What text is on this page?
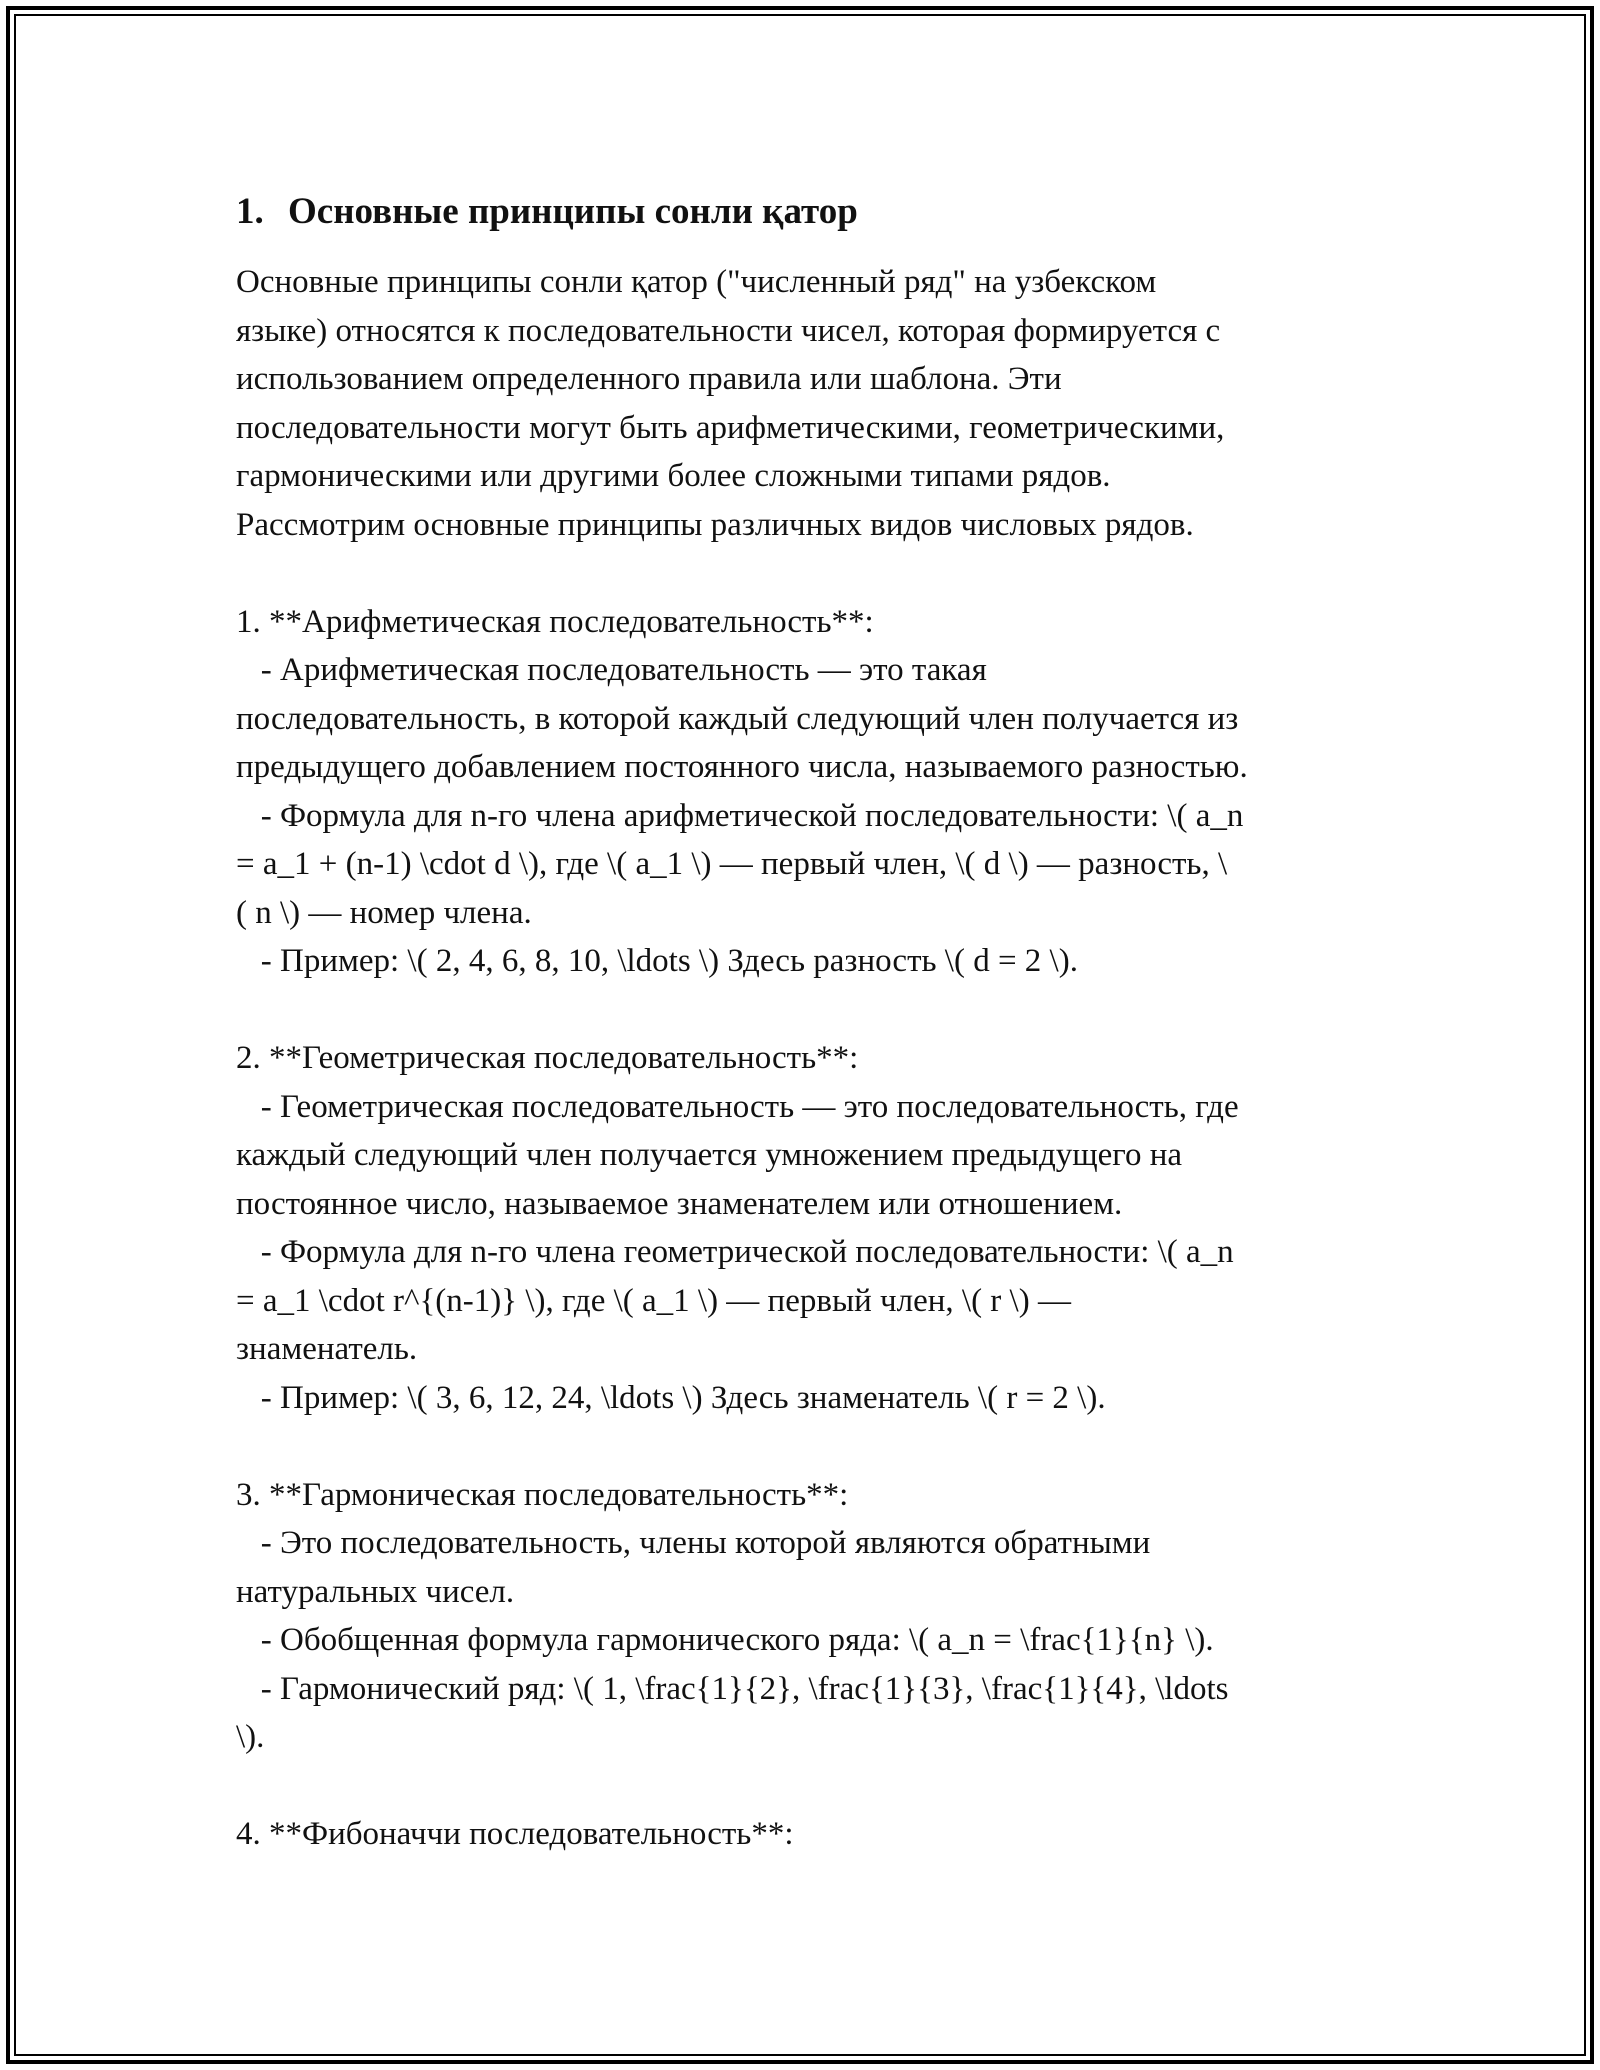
1. Основные принципы сонли қатор
Основные принципы сонли қатор ("численный ряд" на узбекском
языке) относятся к последовательности чисел, которая формируется с
использованием определенного правила или шаблона. Эти
последовательности могут быть арифметическими, геометрическими,
гармоническими или другими более сложными типами рядов.
Рассмотрим основные принципы различных видов числовых рядов.
1. **Арифметическая последовательность**:
- Арифметическая последовательность — это такая
последовательность, в которой каждый следующий член получается из
предыдущего добавлением постоянного числа, называемого разностью.
- Формула для n-го члена арифметической последовательности: \( a_n
= a_1 + (n-1) \cdot d \), где \( a_1 \) — первый член, \( d \) — разность, \
( n \) — номер члена.
- Пример: \( 2, 4, 6, 8, 10, \ldots \) Здесь разность \( d = 2 \).
2. **Геометрическая последовательность**:
- Геометрическая последовательность — это последовательность, где
каждый следующий член получается умножением предыдущего на
постоянное число, называемое знаменателем или отношением.
- Формула для n-го члена геометрической последовательности: \( a_n
= a_1 \cdot r^{(n-1)} \), где \( a_1 \) — первый член, \( r \) —
знаменатель.
- Пример: \( 3, 6, 12, 24, \ldots \) Здесь знаменатель \( r = 2 \).
3. **Гармоническая последовательность**:
- Это последовательность, члены которой являются обратными
натуральных чисел.
- Обобщенная формула гармонического ряда: \( a_n = \frac{1}{n} \).
- Гармонический ряд: \( 1, \frac{1}{2}, \frac{1}{3}, \frac{1}{4}, \ldots
\).
4. **Фибоначчи последовательность**:
